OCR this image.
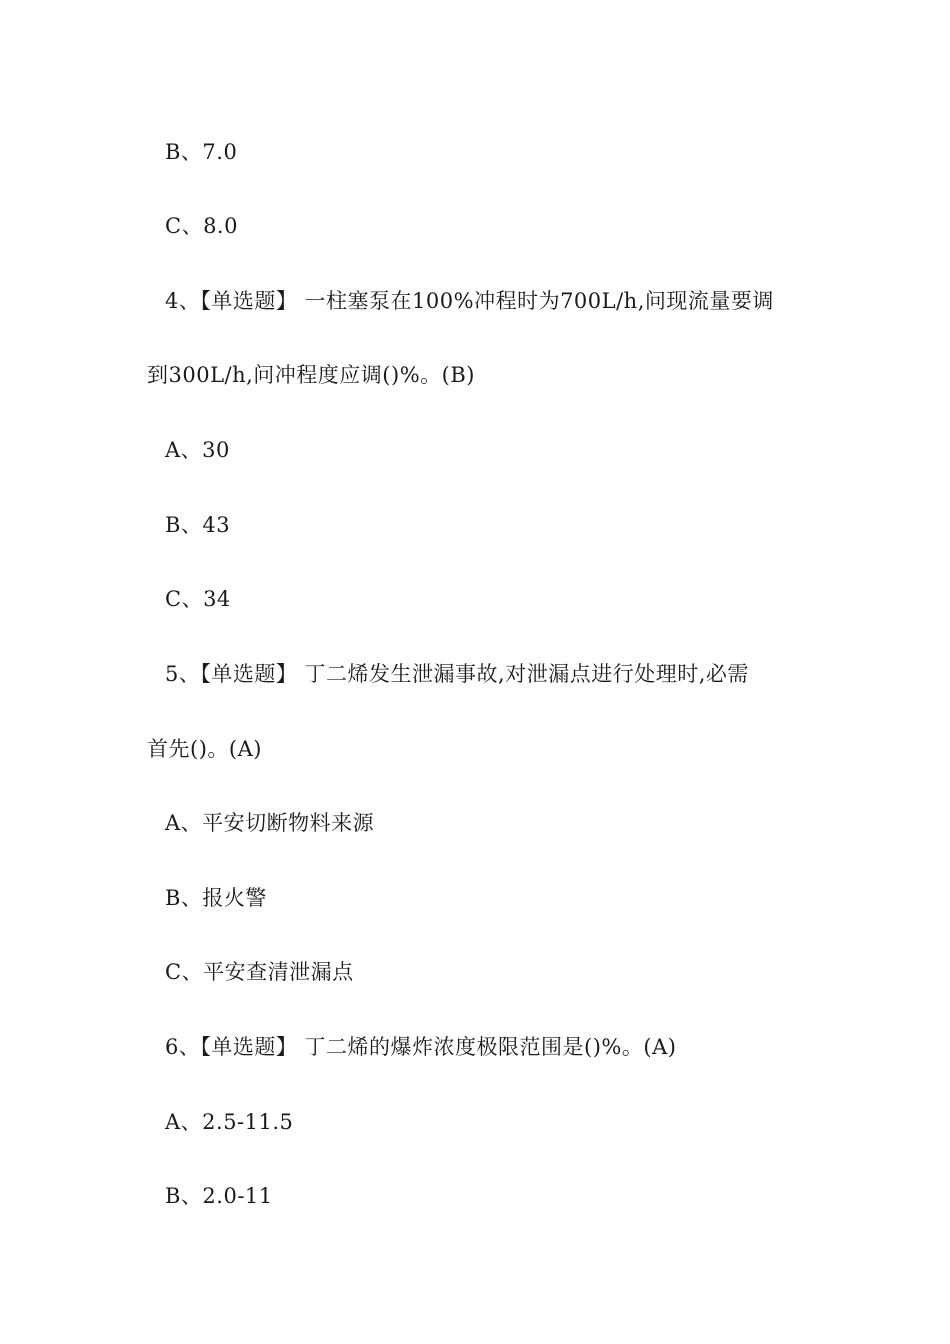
B、7.0
C、8.0
4、【单选题】 一柱塞泵在100%冲程时为700L/h,问现流量要调
到300L/h,问冲程度应调()%。(B)
A、30
B、43
C、34
5、【单选题】 丁二烯发生泄漏事故,对泄漏点进行处理时,必需
首先()。(A)
A、平安切断物料来源
B、报火警
C、平安查清泄漏点
6、【单选题】 丁二烯的爆炸浓度极限范围是()%。(A)
A、2.5-11.5
B、2.0-11
